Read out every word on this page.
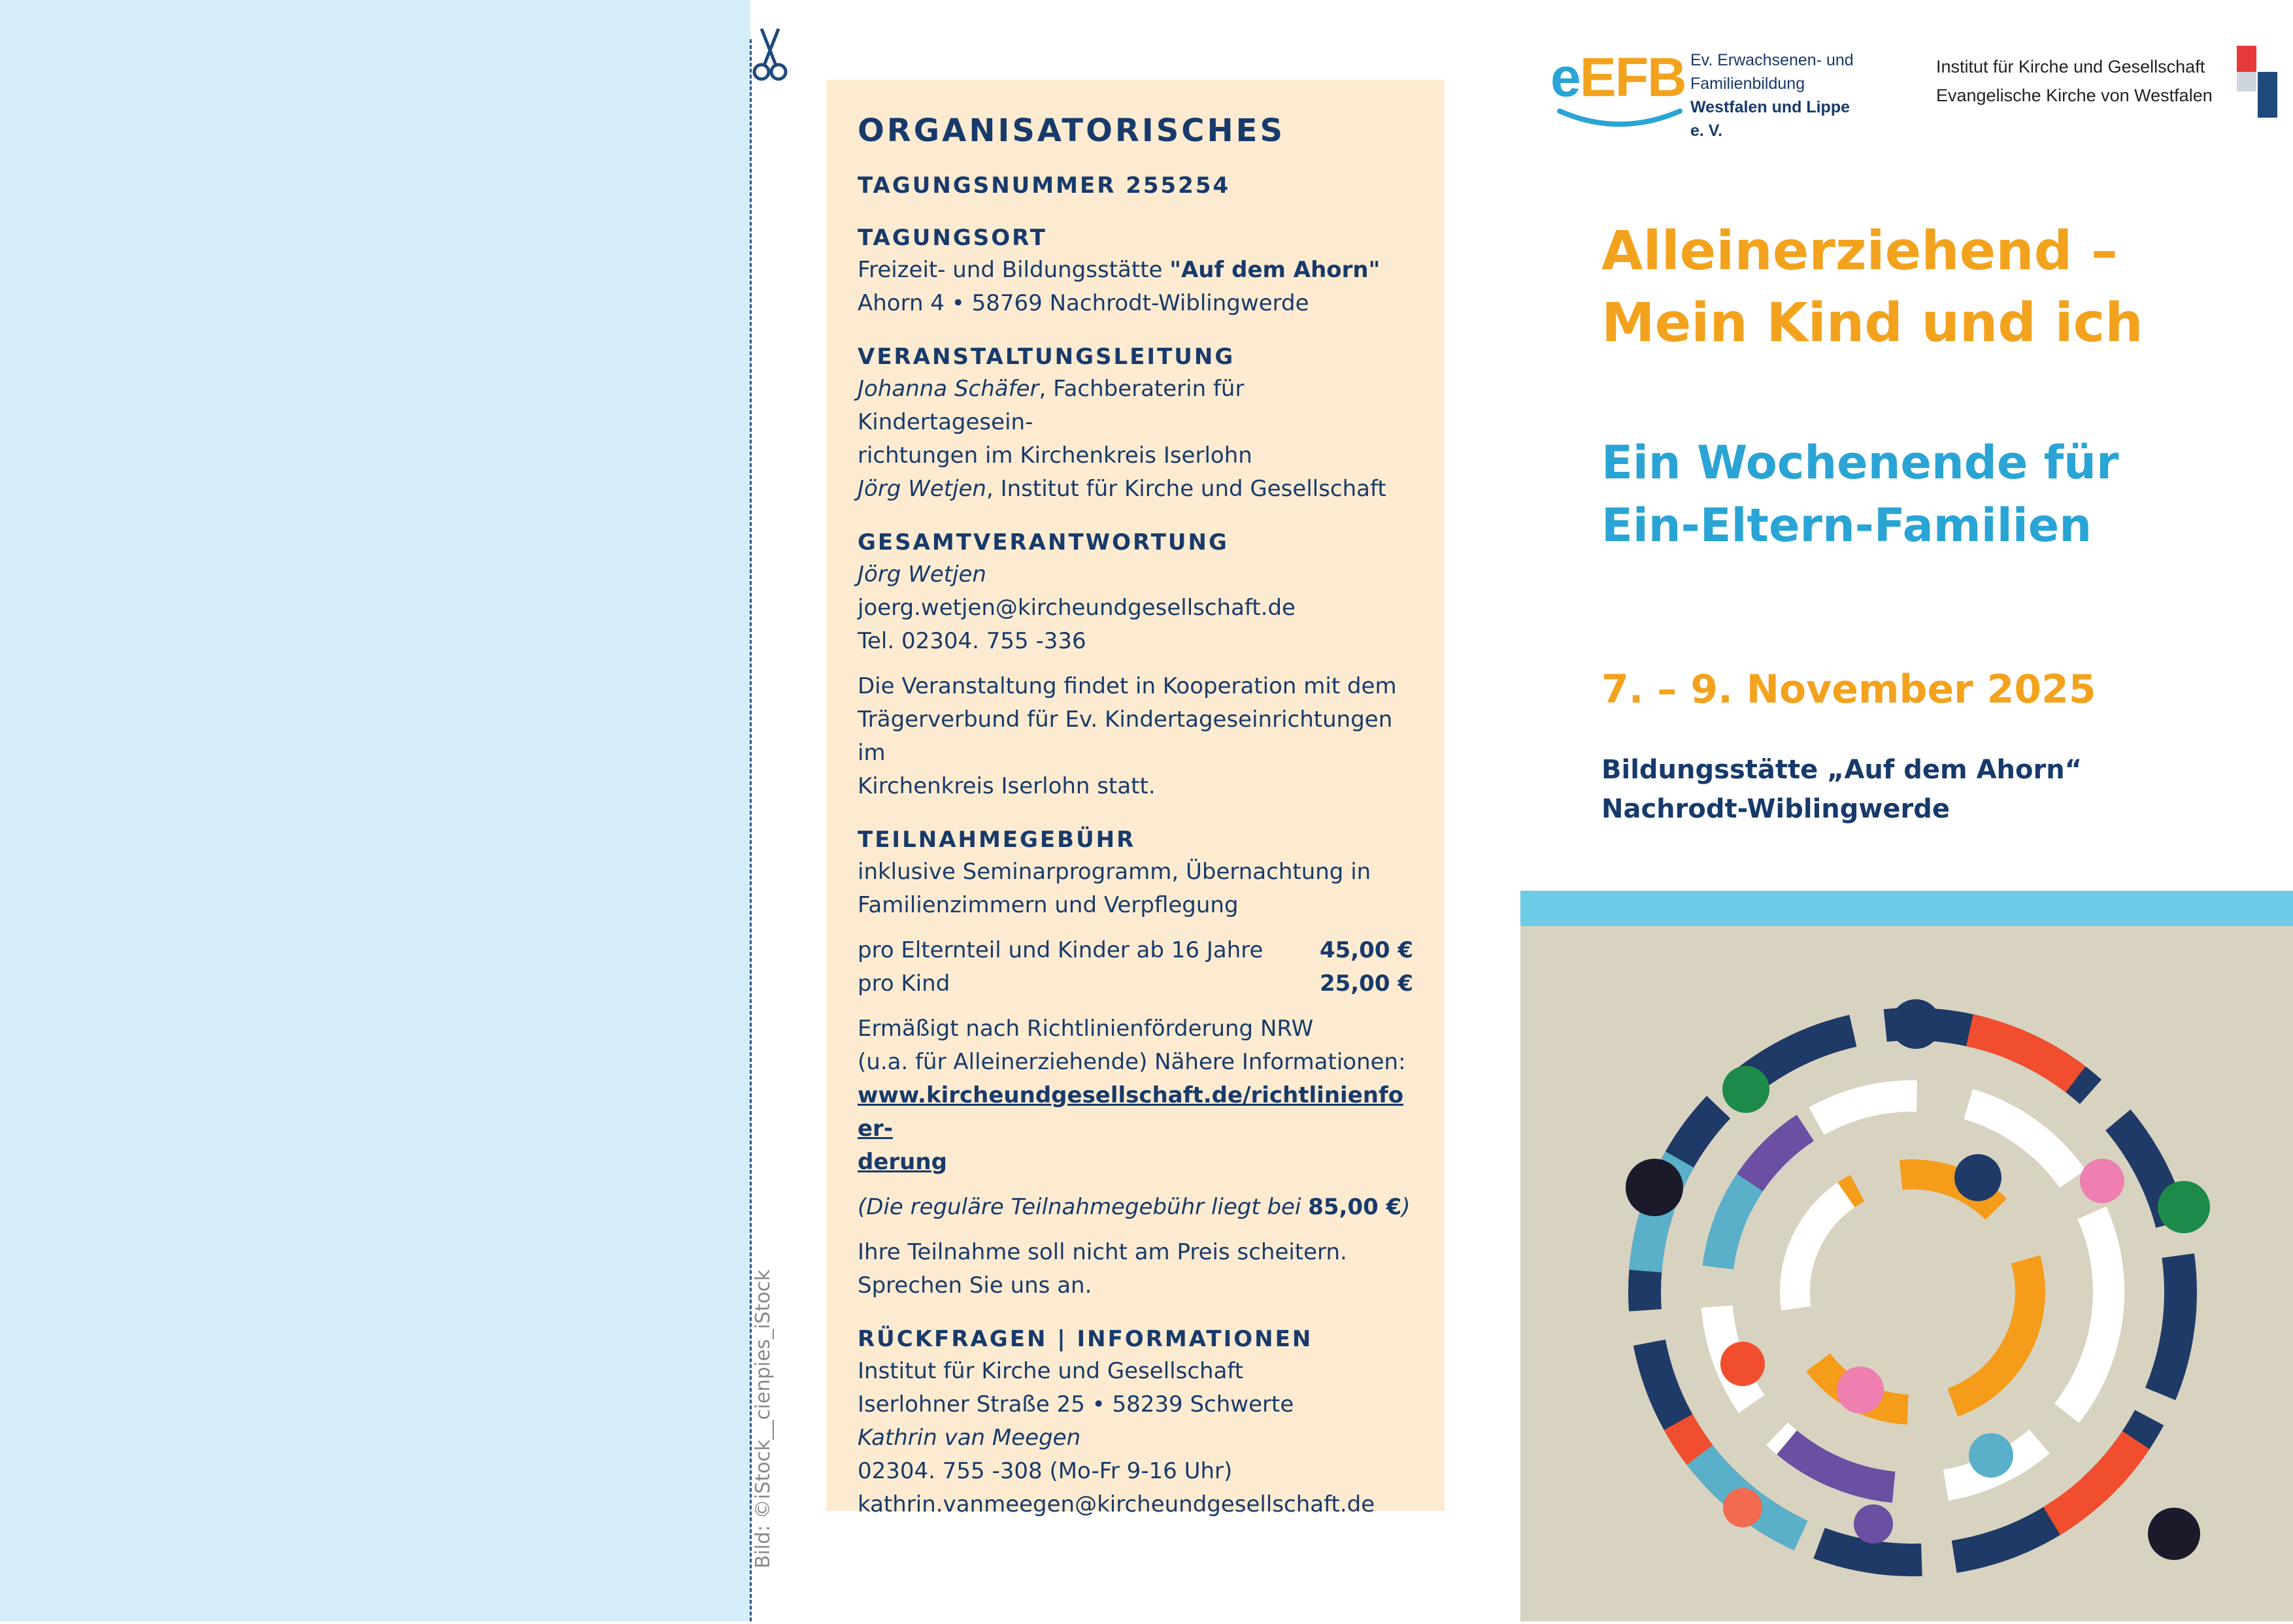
Bild: ©iStock__cienpies_iStock
ORGANISATORISCHES
TAGUNGSNUMMER 255254
TAGUNGSORT
Freizeit- und Bildungsstätte "Auf dem Ahorn"
Ahorn 4 • 58769 Nachrodt-Wiblingwerde
VERANSTALTUNGSLEITUNG
Johanna Schäfer, Fachberaterin für Kindertagesein-
richtungen im Kirchenkreis Iserlohn
Jörg Wetjen, Institut für Kirche und Gesellschaft
GESAMTVERANTWORTUNG
Jörg Wetjen
joerg.wetjen@kircheundgesellschaft.de
Tel. 02304. 755 -336
Die Veranstaltung findet in Kooperation mit dem
Trägerverbund für Ev. Kindertageseinrichtungen im
Kirchenkreis Iserlohn statt.
TEILNAHMEGEBÜHR
inklusive Seminarprogramm, Übernachtung in
Familienzimmern und Verpflegung
pro Elternteil und Kinder ab 16 Jahre	45,00 €
pro Kind	25,00 €
Ermäßigt nach Richtlinienförderung NRW
(u.a. für Alleinerziehende) Nähere Informationen:
www.kircheundgesellschaft.de/richtlinienfoer-
derung
(Die reguläre Teilnahmegebühr liegt bei 85,00 €)
Ihre Teilnahme soll nicht am Preis scheitern.
Sprechen Sie uns an.
RÜCKFRAGEN | INFORMATIONEN
Institut für Kirche und Gesellschaft
Iserlohner Straße 25 • 58239 Schwerte
Kathrin van Meegen
02304. 755 -308 (Mo-Fr 9-16 Uhr)
kathrin.vanmeegen@kircheundgesellschaft.de
eEFB Ev. Erwachsenen- und
Familienbildung
Westfalen und Lippe e. V.
Institut für Kirche und Gesellschaft
Evangelische Kirche von Westfalen
Alleinerziehend –
Mein Kind und ich
Ein Wochenende für
Ein-Eltern-Familien
7. – 9. November 2025
Bildungsstätte „Auf dem Ahorn“
Nachrodt-Wiblingwerde
